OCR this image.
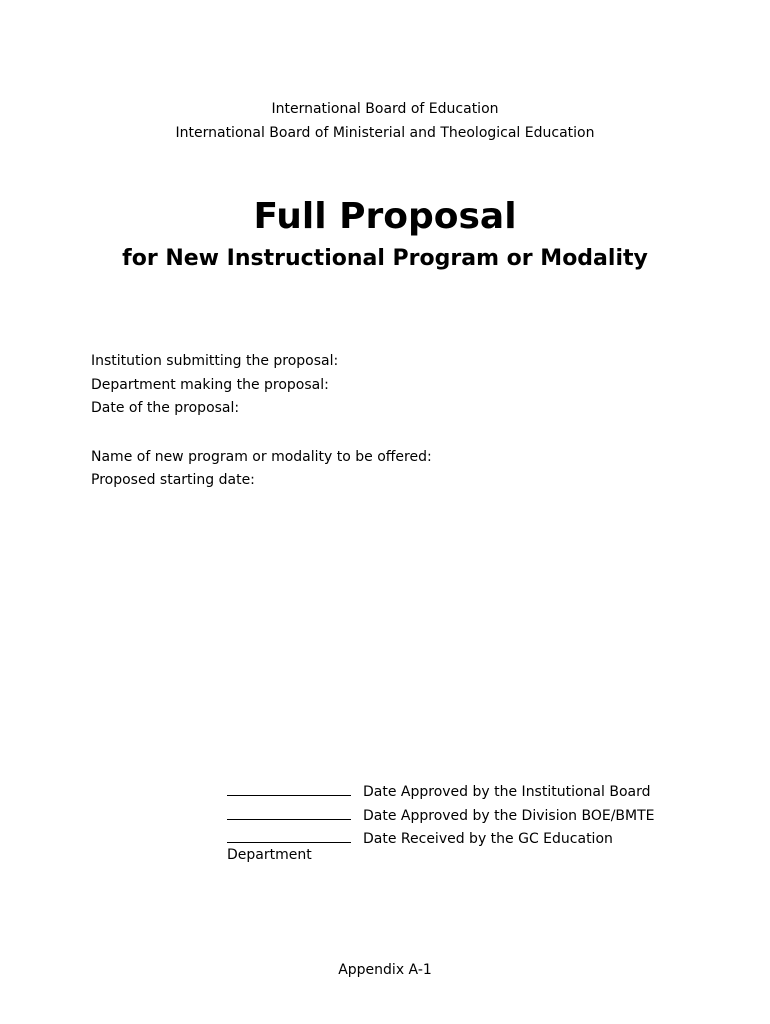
International Board of Education
International Board of Ministerial and Theological Education
Full Proposal
for New Instructional Program or Modality
Institution submitting the proposal:
Department making the proposal:
Date of the proposal:
Name of new program or modality to be offered:
Proposed starting date:
Date Approved by the Institutional Board
Date Approved by the Division BOE/BMTE
Date Received by the GC Education
Department
Appendix A-1
